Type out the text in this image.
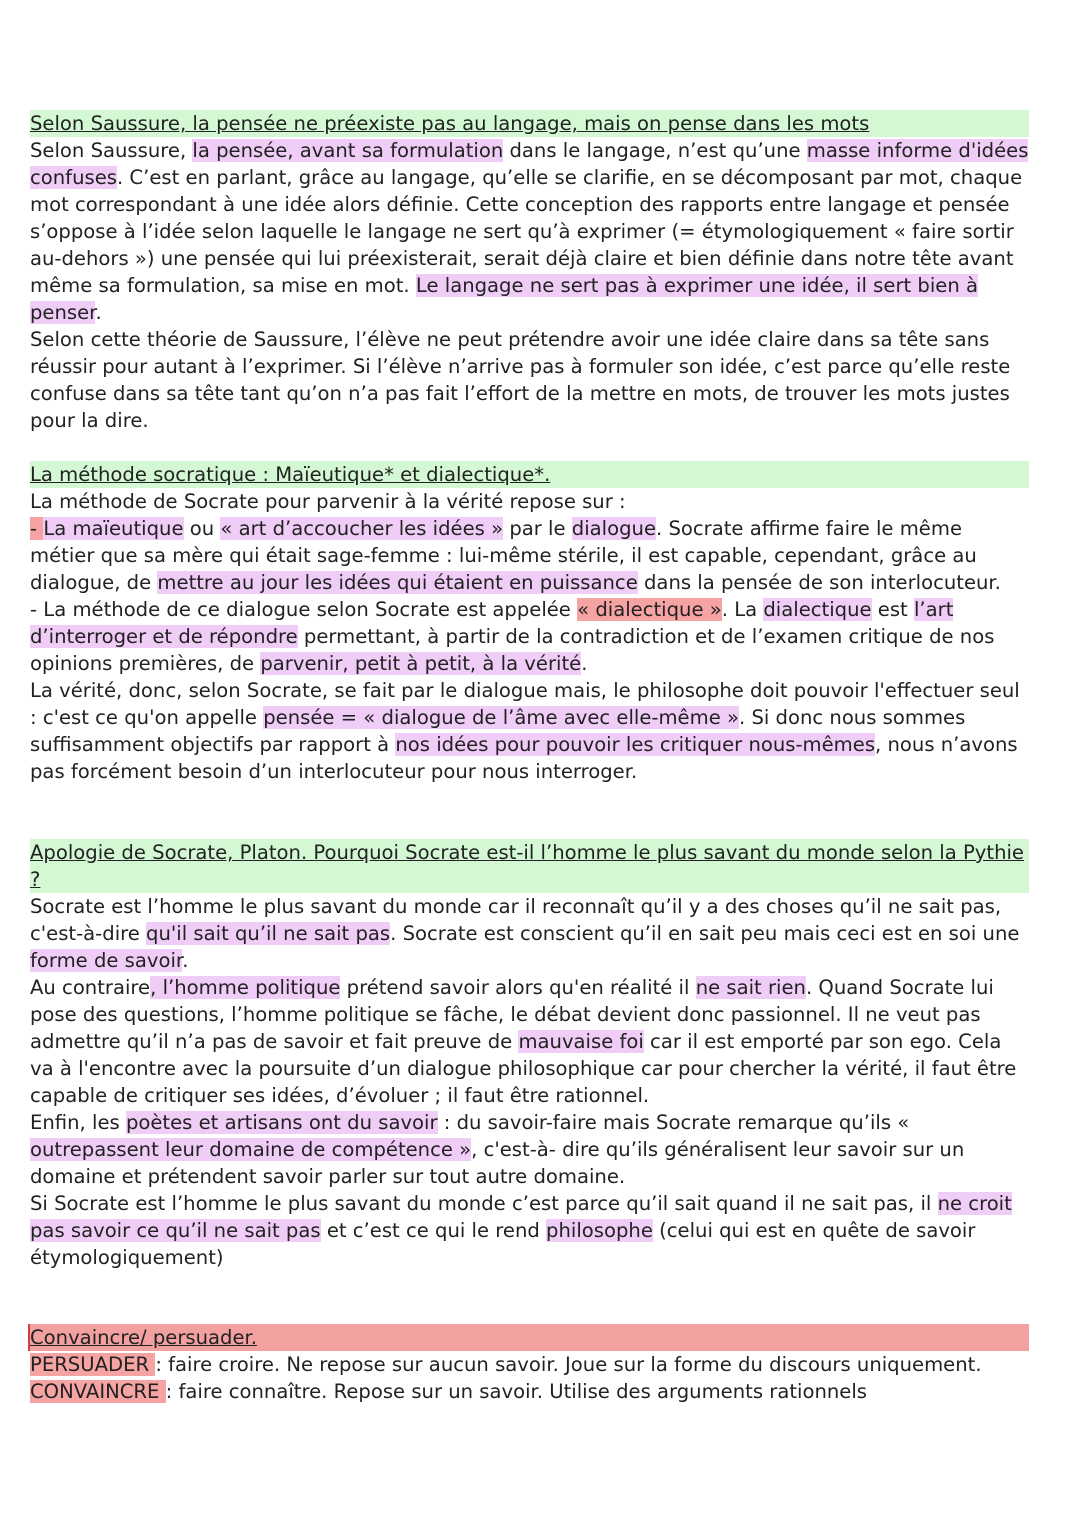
Selon Saussure, la pensée ne préexiste pas au langage, mais on pense dans les mots

Selon Saussure, la pensée, avant sa formulation dans le langage, n’est qu’une masse informe d'idées confuses. C’est en parlant, grâce au langage, qu’elle se clarifie, en se décomposant par mot, chaque mot correspondant à une idée alors définie. Cette conception des rapports entre langage et pensée s’oppose à l’idée selon laquelle le langage ne sert qu’à exprimer (= étymologiquement « faire sortir au-dehors ») une pensée qui lui préexisterait, serait déjà claire et bien définie dans notre tête avant même sa formulation, sa mise en mot. Le langage ne sert pas à exprimer une idée, il sert bien à penser.

Selon cette théorie de Saussure, l’élève ne peut prétendre avoir une idée claire dans sa tête sans réussir pour autant à l’exprimer. Si l’élève n’arrive pas à formuler son idée, c’est parce qu’elle reste confuse dans sa tête tant qu’on n’a pas fait l’effort de la mettre en mots, de trouver les mots justes pour la dire.

La méthode socratique : Maïeutique* et dialectique*.

La méthode de Socrate pour parvenir à la vérité repose sur :

- La maïeutique ou « art d’accoucher les idées » par le dialogue. Socrate affirme faire le même métier que sa mère qui était sage-femme : lui-même stérile, il est capable, cependant, grâce au dialogue, de mettre au jour les idées qui étaient en puissance dans la pensée de son interlocuteur.

- La méthode de ce dialogue selon Socrate est appelée « dialectique ». La dialectique est l’art d’interroger et de répondre permettant, à partir de la contradiction et de l’examen critique de nos opinions premières, de parvenir, petit à petit, à la vérité.

La vérité, donc, selon Socrate, se fait par le dialogue mais, le philosophe doit pouvoir l'effectuer seul : c'est ce qu'on appelle pensée = « dialogue de l’âme avec elle-même ». Si donc nous sommes suffisamment objectifs par rapport à nos idées pour pouvoir les critiquer nous-mêmes, nous n’avons pas forcément besoin d’un interlocuteur pour nous interroger.

Apologie de Socrate, Platon. Pourquoi Socrate est-il l’homme le plus savant du monde selon la Pythie ?

Socrate est l’homme le plus savant du monde car il reconnaît qu’il y a des choses qu’il ne sait pas, c'est-à-dire qu'il sait qu’il ne sait pas. Socrate est conscient qu’il en sait peu mais ceci est en soi une forme de savoir.

Au contraire, l’homme politique prétend savoir alors qu'en réalité il ne sait rien. Quand Socrate lui pose des questions, l’homme politique se fâche, le débat devient donc passionnel. Il ne veut pas admettre qu’il n’a pas de savoir et fait preuve de mauvaise foi car il est emporté par son ego. Cela va à l'encontre avec la poursuite d’un dialogue philosophique car pour chercher la vérité, il faut être capable de critiquer ses idées, d’évoluer ; il faut être rationnel.

Enfin, les poètes et artisans ont du savoir : du savoir-faire mais Socrate remarque qu’ils « outrepassent leur domaine de compétence », c'est-à- dire qu’ils généralisent leur savoir sur un domaine et prétendent savoir parler sur tout autre domaine.

Si Socrate est l’homme le plus savant du monde c’est parce qu’il sait quand il ne sait pas, il ne croit pas savoir ce qu’il ne sait pas et c’est ce qui le rend philosophe (celui qui est en quête de savoir étymologiquement)

Convaincre/ persuader.

PERSUADER : faire croire. Ne repose sur aucun savoir. Joue sur la forme du discours uniquement.

CONVAINCRE : faire connaître. Repose sur un savoir. Utilise des arguments rationnels
